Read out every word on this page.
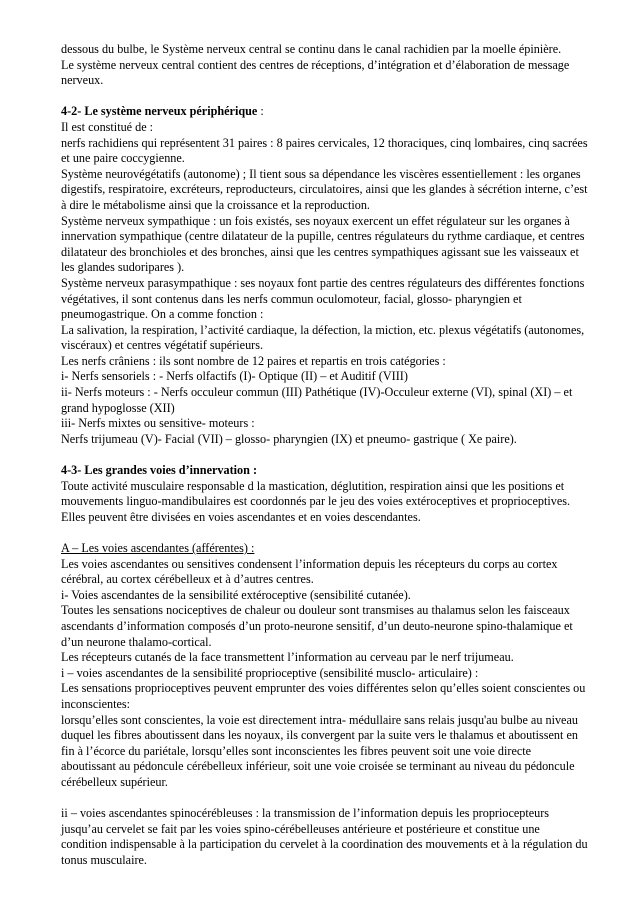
dessous du bulbe, le Système nerveux central se continu dans le canal rachidien par la moelle épinière.

Le système nerveux central contient des centres de réceptions, d’intégration et d’élaboration de message nerveux.

4-2- Le système nerveux périphérique :

Il est constitué de :

nerfs rachidiens qui représentent 31 paires : 8 paires cervicales, 12 thoraciques, cinq lombaires, cinq sacrées et une paire coccygienne.

Système neurovégétatifs (autonome) ; Il tient sous sa dépendance les viscères essentiellement : les organes digestifs, respiratoire, excréteurs, reproducteurs, circulatoires, ainsi que les glandes à sécrétion interne, c’est à dire le métabolisme ainsi que la croissance et la reproduction.

Système nerveux sympathique : un fois existés, ses noyaux exercent un effet régulateur sur les organes à innervation sympathique (centre dilatateur de la pupille, centres régulateurs du rythme cardiaque, et centres dilatateur des bronchioles et des bronches, ainsi que les centres sympathiques agissant sue les vaisseaux et les glandes sudoripares ).

Système nerveux parasympathique : ses noyaux font partie des centres régulateurs des différentes fonctions végétatives, il sont contenus dans les nerfs commun oculomoteur, facial, glosso- pharyngien et pneumogastrique. On a comme fonction :

La salivation, la respiration, l’activité cardiaque, la défection, la miction, etc. plexus végétatifs (autonomes, viscéraux) et centres végétatif supérieurs.

Les nerfs crâniens : ils sont nombre de 12 paires et repartis en trois catégories :

i- Nerfs sensoriels : - Nerfs olfactifs (I)- Optique (II) – et Auditif (VIII)

ii- Nerfs moteurs : - Nerfs occuleur commun (III) Pathétique (IV)-Occuleur externe (VI), spinal (XI) – et grand hypoglosse (XII)

iii- Nerfs mixtes ou sensitive- moteurs :

Nerfs trijumeau (V)- Facial (VII) – glosso- pharyngien (IX) et pneumo- gastrique ( Xe paire).

4-3- Les grandes voies d’innervation :

Toute activité musculaire responsable d la mastication, déglutition, respiration ainsi que les positions et mouvements linguo-mandibulaires est coordonnés par le jeu des voies extéroceptives et proprioceptives. Elles peuvent être divisées en voies ascendantes et en voies descendantes.

A – Les voies ascendantes (afférentes) :

Les voies ascendantes ou sensitives condensent l’information depuis les récepteurs du corps au cortex cérébral, au cortex cérébelleux et à d’autres centres.

i- Voies ascendantes de la sensibilité extéroceptive (sensibilité cutanée).

Toutes les sensations nociceptives de chaleur ou douleur sont transmises au thalamus selon les faisceaux ascendants d’information composés d’un proto-neurone sensitif, d’un deuto-neurone spino-thalamique et d’un neurone thalamo-cortical.

Les récepteurs cutanés de la face transmettent l’information au cerveau par le nerf trijumeau.

i – voies ascendantes de la sensibilité proprioceptive (sensibilité musclo- articulaire) :

Les sensations proprioceptives peuvent emprunter des voies différentes selon qu’elles soient conscientes ou inconscientes:

lorsqu’elles sont conscientes, la voie est directement intra- médullaire sans relais jusqu'au bulbe au niveau duquel les fibres aboutissent dans les noyaux, ils convergent par la suite vers le thalamus et aboutissent en fin à l’écorce du pariétale, lorsqu’elles sont inconscientes les fibres peuvent soit une voie directe aboutissant au pédoncule cérébelleux inférieur, soit une voie croisée se terminant au niveau du pédoncule cérébelleux supérieur.

ii – voies ascendantes spinocérébleuses : la transmission de l’information depuis les propriocepteurs jusqu’au cervelet se fait par les voies spino-cérébelleuses antérieure et postérieure et constitue une condition indispensable à la participation du cervelet à la coordination des mouvements et à la régulation du tonus musculaire.
